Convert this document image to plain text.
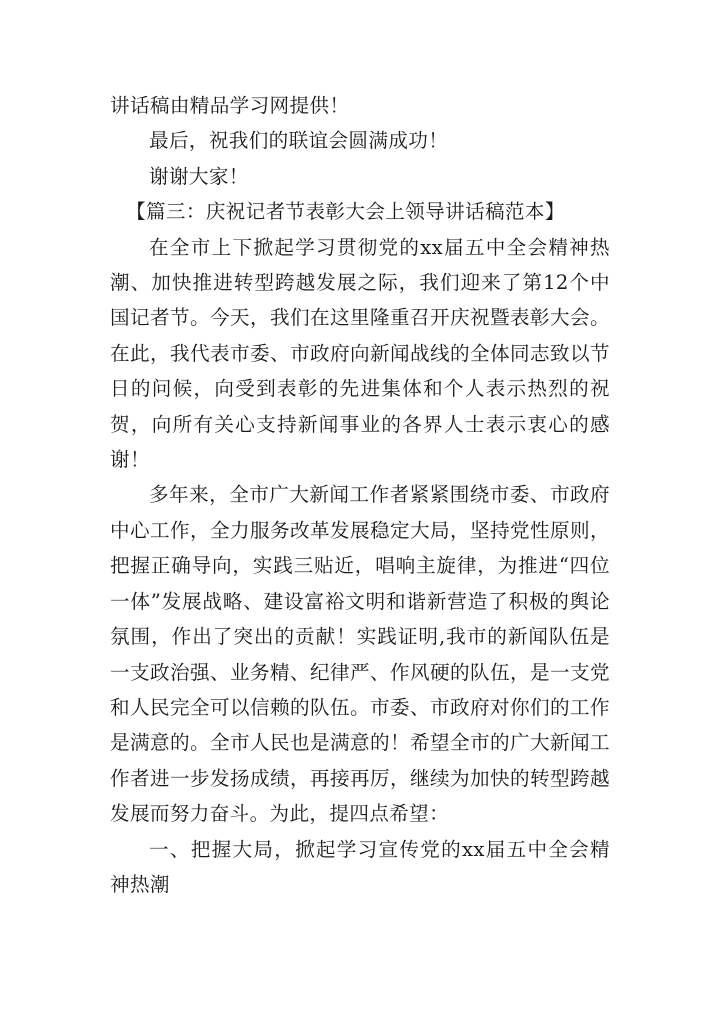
讲话稿由精品学习网提供！

最后，祝我们的联谊会圆满成功！

谢谢大家！

【篇三：庆祝记者节表彰大会上领导讲话稿范本】

在全市上下掀起学习贯彻党的xx届五中全会精神热潮、加快推进转型跨越发展之际，我们迎来了第12个中国记者节。今天，我们在这里隆重召开庆祝暨表彰大会。在此，我代表市委、市政府向新闻战线的全体同志致以节日的问候，向受到表彰的先进集体和个人表示热烈的祝贺，向所有关心支持新闻事业的各界人士表示衷心的感谢！

多年来，全市广大新闻工作者紧紧围绕市委、市政府中心工作，全力服务改革发展稳定大局，坚持党性原则，把握正确导向，实践三贴近，唱响主旋律，为推进“四位一体”发展战略、建设富裕文明和谐新营造了积极的舆论氛围，作出了突出的贡献！实践证明,我市的新闻队伍是一支政治强、业务精、纪律严、作风硬的队伍，是一支党和人民完全可以信赖的队伍。市委、市政府对你们的工作是满意的。全市人民也是满意的！希望全市的广大新闻工作者进一步发扬成绩，再接再厉，继续为加快的转型跨越发展而努力奋斗。为此，提四点希望：

一、把握大局，掀起学习宣传党的xx届五中全会精神热潮
